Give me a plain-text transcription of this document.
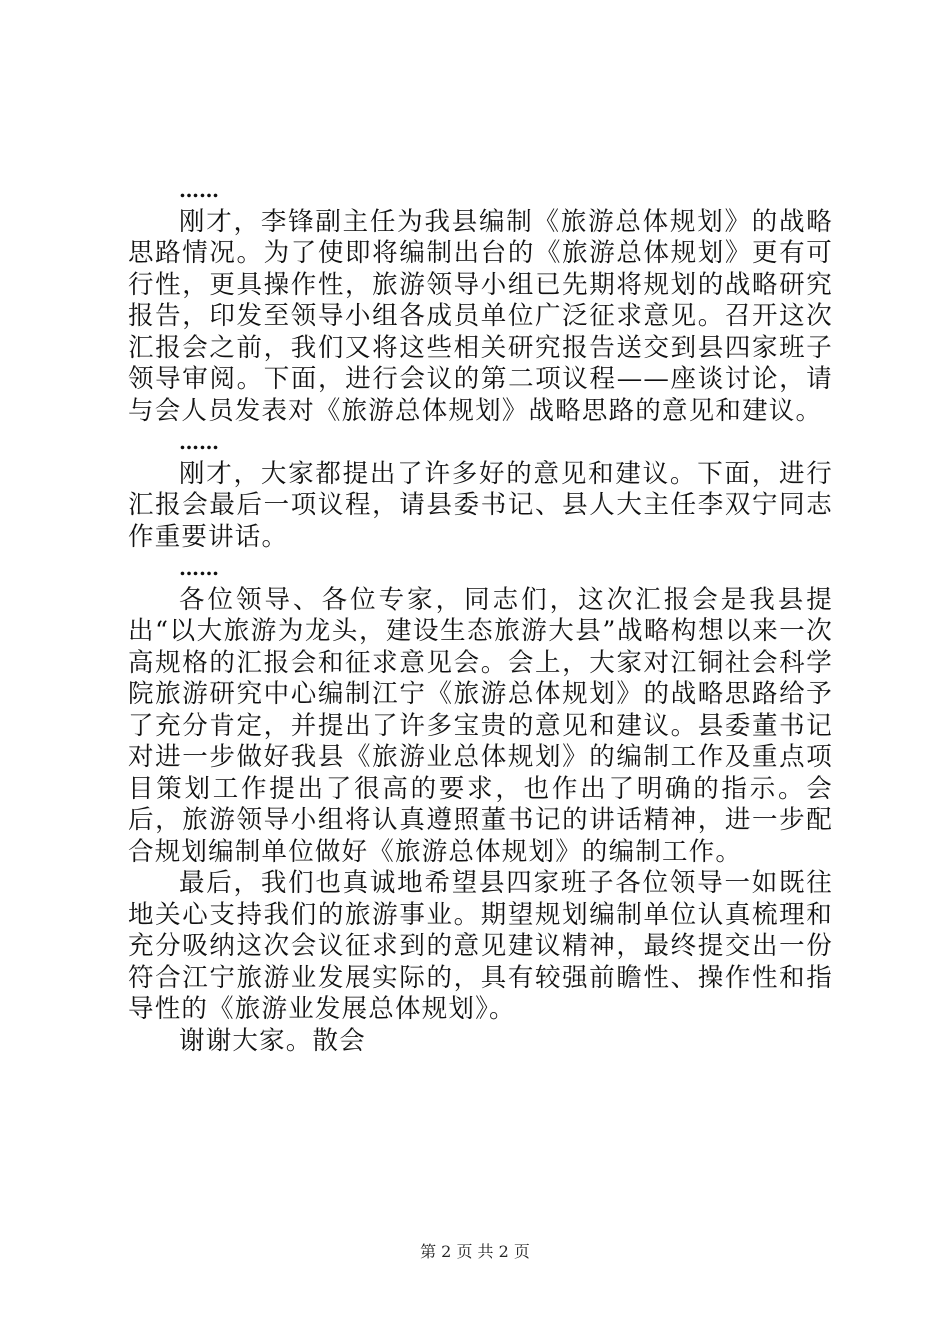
……

刚才，李锋副主任为我县编制《旅游总体规划》的战略思路情况。为了使即将编制出台的《旅游总体规划》更有可行性，更具操作性，旅游领导小组已先期将规划的战略研究报告，印发至领导小组各成员单位广泛征求意见。召开这次汇报会之前，我们又将这些相关研究报告送交到县四家班子领导审阅。下面，进行会议的第二项议程——座谈讨论，请与会人员发表对《旅游总体规划》战略思路的意见和建议。

……

刚才，大家都提出了许多好的意见和建议。下面，进行汇报会最后一项议程，请县委书记、县人大主任李双宁同志作重要讲话。

……

各位领导、各位专家，同志们，这次汇报会是我县提出“以大旅游为龙头，建设生态旅游大县”战略构想以来一次高规格的汇报会和征求意见会。会上，大家对江铜社会科学院旅游研究中心编制江宁《旅游总体规划》的战略思路给予了充分肯定，并提出了许多宝贵的意见和建议。县委董书记对进一步做好我县《旅游业总体规划》的编制工作及重点项目策划工作提出了很高的要求，也作出了明确的指示。会后，旅游领导小组将认真遵照董书记的讲话精神，进一步配合规划编制单位做好《旅游总体规划》的编制工作。

最后，我们也真诚地希望县四家班子各位领导一如既往地关心支持我们的旅游事业。期望规划编制单位认真梳理和充分吸纳这次会议征求到的意见建议精神，最终提交出一份符合江宁旅游业发展实际的，具有较强前瞻性、操作性和指导性的《旅游业发展总体规划》。

谢谢大家。散会

第 2 页 共 2 页
